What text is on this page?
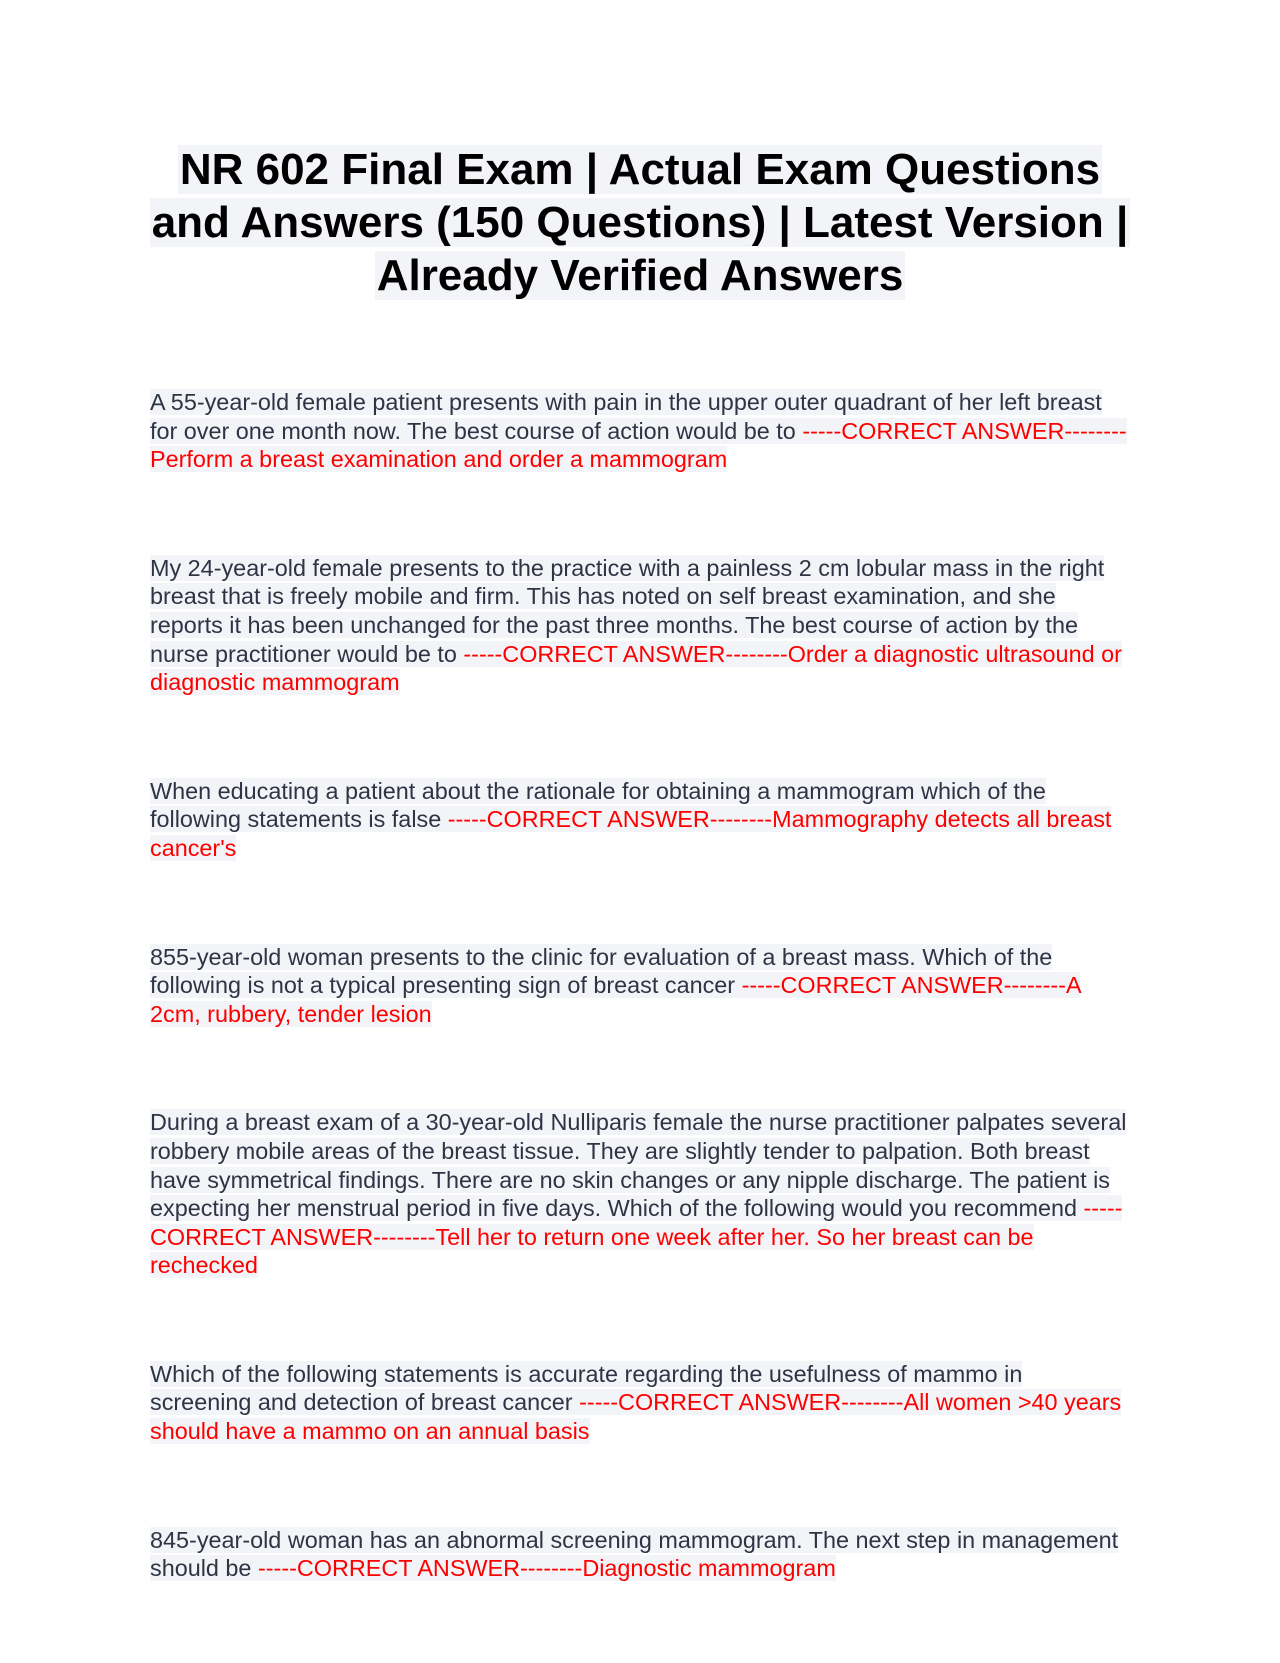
NR 602 Final Exam | Actual Exam Questions and Answers (150 Questions) | Latest Version | Already Verified Answers

A 55-year-old female patient presents with pain in the upper outer quadrant of her left breast for over one month now. The best course of action would be to -----CORRECT ANSWER--------Perform a breast examination and order a mammogram

My 24-year-old female presents to the practice with a painless 2 cm lobular mass in the right breast that is freely mobile and firm. This has noted on self breast examination, and she reports it has been unchanged for the past three months. The best course of action by the nurse practitioner would be to -----CORRECT ANSWER--------Order a diagnostic ultrasound or diagnostic mammogram

When educating a patient about the rationale for obtaining a mammogram which of the following statements is false -----CORRECT ANSWER--------Mammography detects all breast cancer's

855-year-old woman presents to the clinic for evaluation of a breast mass. Which of the following is not a typical presenting sign of breast cancer -----CORRECT ANSWER--------A 2cm, rubbery, tender lesion

During a breast exam of a 30-year-old Nulliparis female the nurse practitioner palpates several robbery mobile areas of the breast tissue. They are slightly tender to palpation. Both breast have symmetrical findings. There are no skin changes or any nipple discharge. The patient is expecting her menstrual period in five days. Which of the following would you recommend -----CORRECT ANSWER--------Tell her to return one week after her. So her breast can be rechecked

Which of the following statements is accurate regarding the usefulness of mammo in screening and detection of breast cancer -----CORRECT ANSWER--------All women >40 years should have a mammo on an annual basis

845-year-old woman has an abnormal screening mammogram. The next step in management should be -----CORRECT ANSWER--------Diagnostic mammogram
